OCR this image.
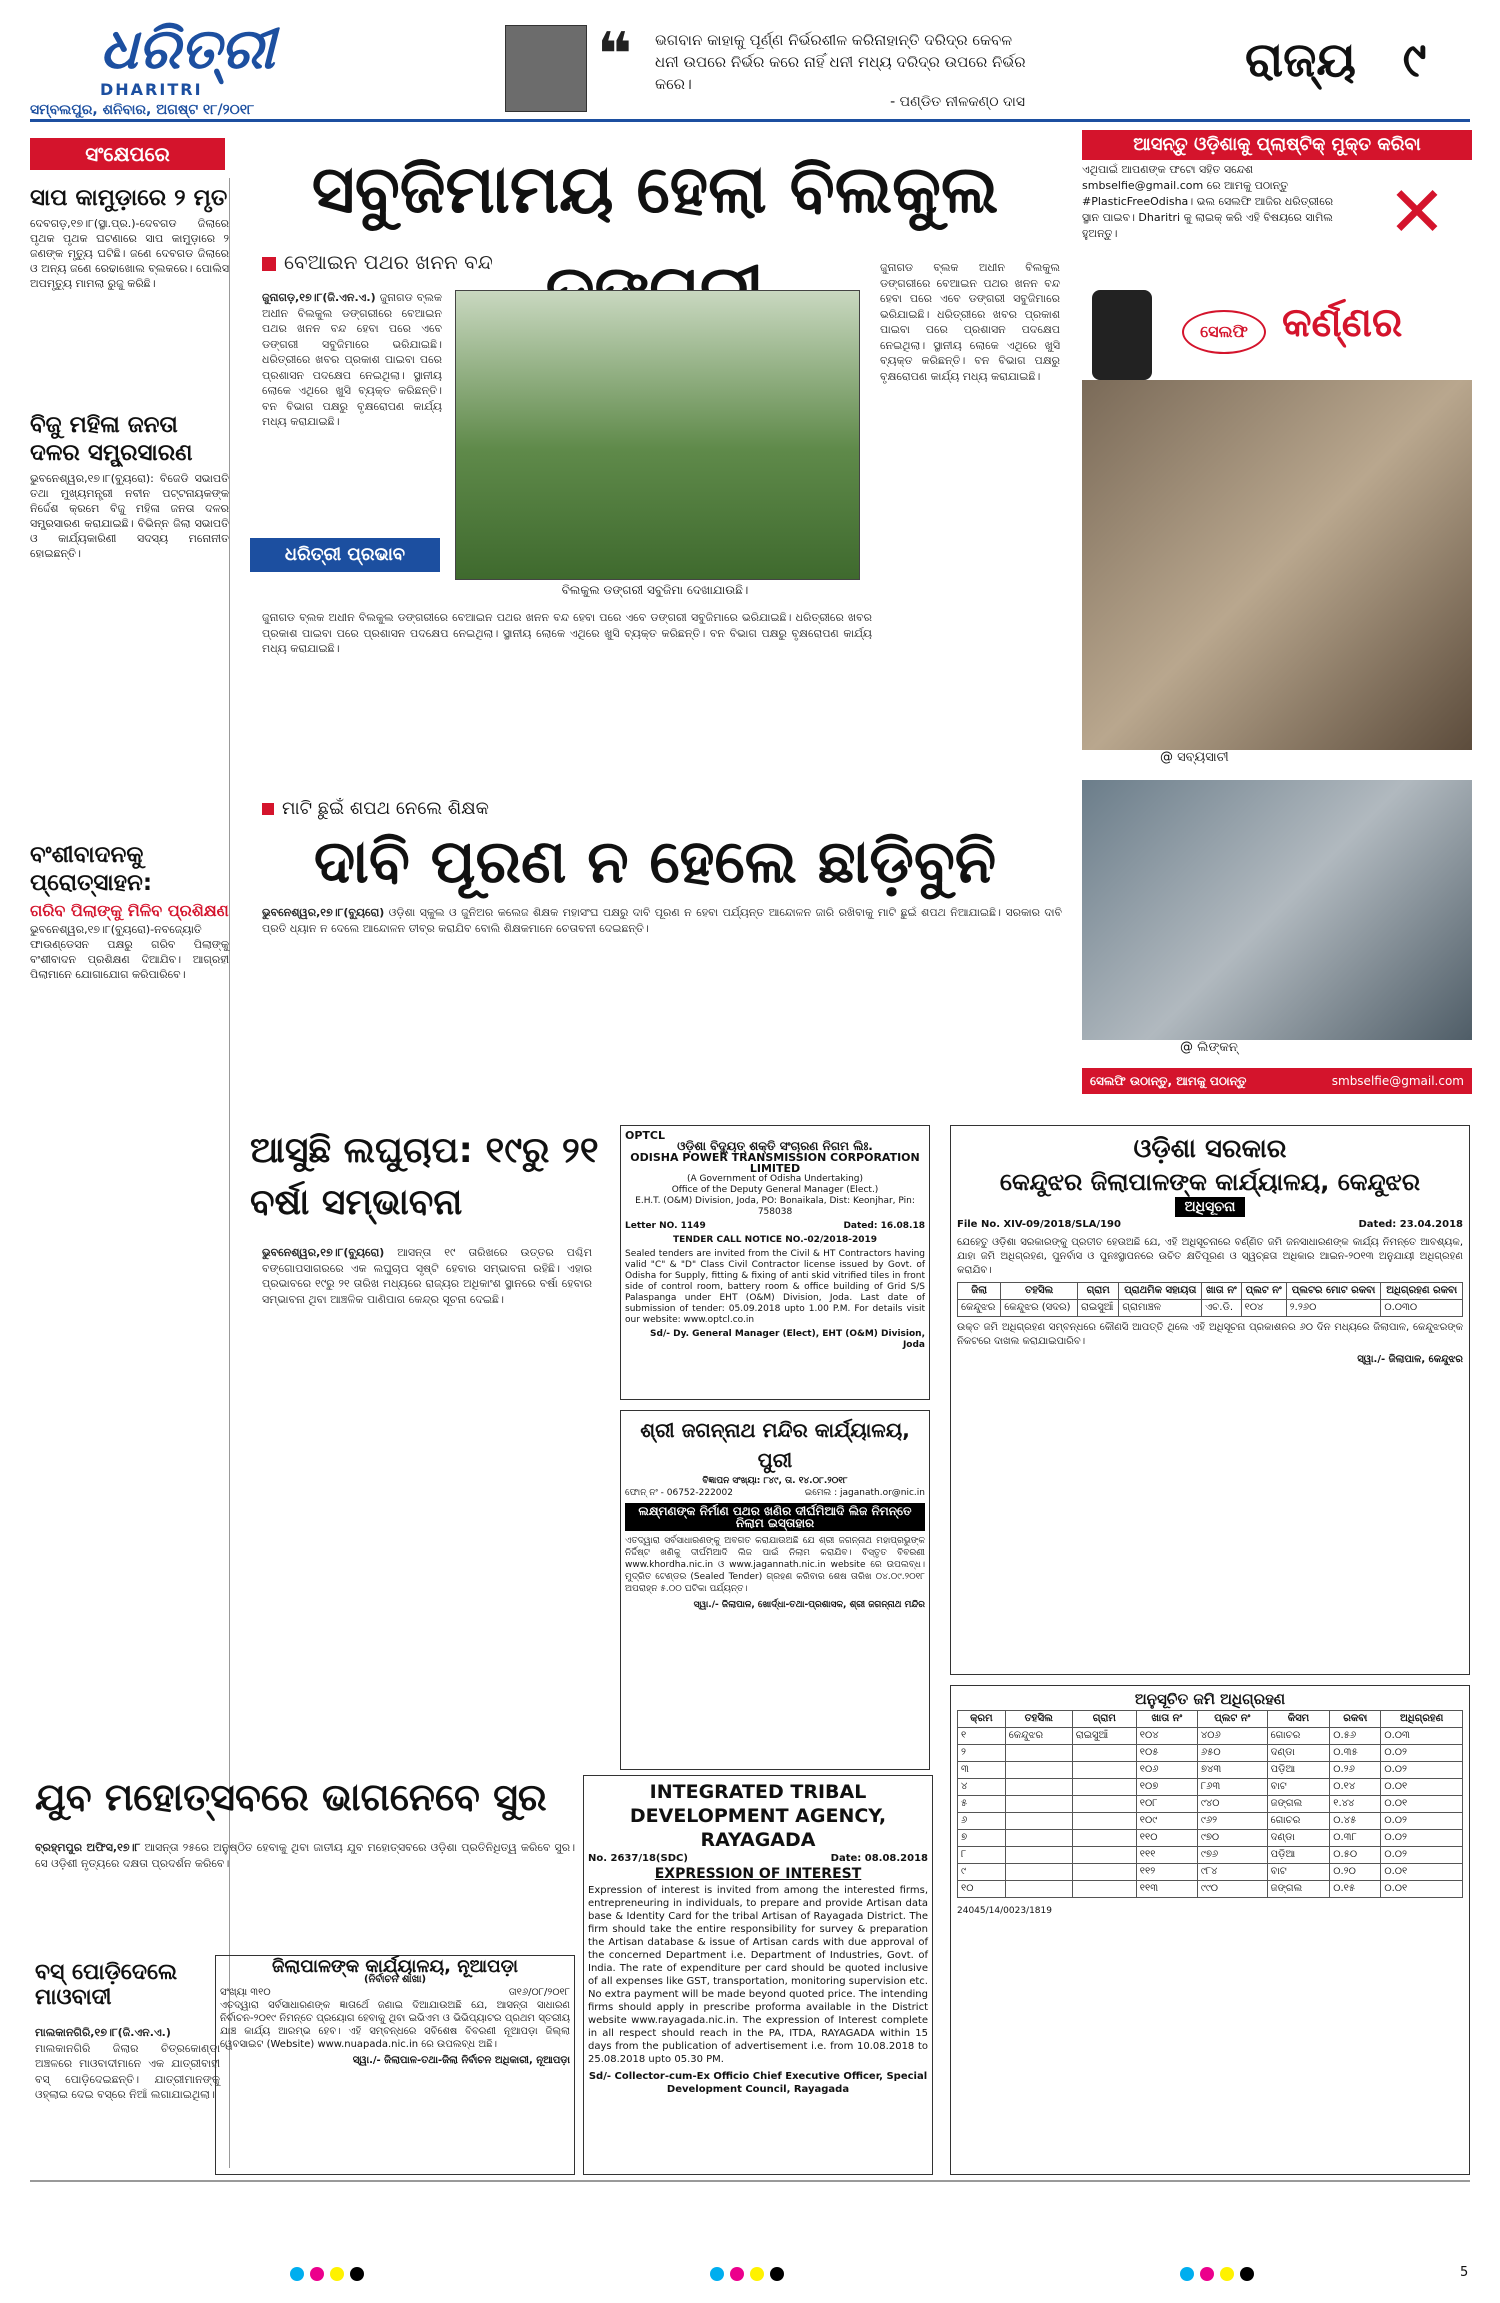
ଧରିତ୍ରୀ
DHARITRI	❝ ଭଗବାନ କାହାକୁ ପୂର୍ଣ୍ଣ ନିର୍ଭରଶୀଳ କରିନାହାନ୍ତି ଦରିଦ୍ର କେବଳ ଧନୀ ଉପରେ ନିର୍ଭର କରେ ନାହିଁ ଧନୀ ମଧ୍ୟ ଦରିଦ୍ର ଉପରେ ନିର୍ଭର କରେ।
- ପଣ୍ଡିତ ନୀଳକଣ୍ଠ ଦାସ
ରାଜ୍ୟ ୯
ସମ୍ବଲପୁର, ଶନିବାର, ଅଗଷ୍ଟ ୧୮/୨୦୧୮
ସଂକ୍ଷେପରେ
ସାପ କାମୁଡ଼ାରେ ୨ ମୃତ
ଦେବଗଡ଼,୧୭।୮(ସ୍ଥା.ପ୍ର.)-ଦେବଗଡ ଜିଲାରେ ପୃଥକ ପୃଥକ ଘଟଣାରେ ସାପ କାମୁଡ଼ାରେ ୨ ଜଣଙ୍କ ମୃତ୍ୟୁ ଘଟିଛି। ଜଣେ ଦେବଗଡ ଜିଲାରେ ଓ ଅନ୍ୟ ଜଣେ ରେଢାଖୋଲ ବ୍ଲକରେ। ପୋଲିସ ଅପମୃତ୍ୟୁ ମାମଲା ରୁଜୁ କରିଛି।
ବିଜୁ ମହିଳା ଜନତା ଦଳର ସମ୍ପ୍ରସାରଣ
ଭୁବନେଶ୍ୱର,୧୭।୮(ବ୍ୟୁରୋ): ବିଜେଡି ସଭାପତି ତଥା ମୁଖ୍ୟମନ୍ତ୍ରୀ ନବୀନ ପଟ୍ଟନାୟକଙ୍କ ନିର୍ଦ୍ଦେଶ କ୍ରମେ ବିଜୁ ମହିଳା ଜନତା ଦଳର ସମ୍ପ୍ରସାରଣ କରାଯାଇଛି। ବିଭିନ୍ନ ଜିଲା ସଭାପତି ଓ କାର୍ଯ୍ୟକାରିଣୀ ସଦସ୍ୟ ମନୋନୀତ ହୋଇଛନ୍ତି।
ବଂଶୀବାଦନକୁ ପ୍ରୋତ୍ସାହନ:
ଗରିବ ପିଲାଙ୍କୁ ମିଳିବ ପ୍ରଶିକ୍ଷଣ
ଭୁବନେଶ୍ୱର,୧୭।୮(ବ୍ୟୁରୋ)-ନବଜ୍ୟୋତି ଫାଉଣ୍ଡେସନ ପକ୍ଷରୁ ଗରିବ ପିଲାଙ୍କୁ ବଂଶୀବାଦନ ପ୍ରଶିକ୍ଷଣ ଦିଆଯିବ। ଆଗ୍ରହୀ ପିଲାମାନେ ଯୋଗାଯୋଗ କରିପାରିବେ।
ସବୁଜିମାମୟ ହେଲା ବିଲକୁଲ
ବେଆଇନ ପଥର ଖନନ ବନ୍ଦ
ଜୁନାଗଡ଼,୧୭।୮(ଜି.ଏନ.ଏ.) ଜୁନାଗଡ ବ୍ଲକ ଅଧୀନ ବିଲକୁଲ ଡଙ୍ଗରୀରେ ବେଆଇନ ପଥର ଖନନ ବନ୍ଦ ହେବା ପରେ ଏବେ ଡଙ୍ଗରୀ ସବୁଜିମାରେ ଭରିଯାଇଛି। ଧରିତ୍ରୀରେ ଖବର ପ୍ରକାଶ ପାଇବା ପରେ ପ୍ରଶାସନ ପଦକ୍ଷେପ ନେଇଥିଲା। ସ୍ଥାନୀୟ ଲୋକେ ଏଥିରେ ଖୁସି ବ୍ୟକ୍ତ କରିଛନ୍ତି। ବନ ବିଭାଗ ପକ୍ଷରୁ ବୃକ୍ଷରୋପଣ କାର୍ଯ୍ୟ ମଧ୍ୟ କରାଯାଇଛି।
ଧରିତ୍ରୀ ପ୍ରଭାବ
ବିଲକୁଲ ଡଙ୍ଗରୀ ସବୁଜିମା ଦେଖାଯାଉଛି।
ଜୁନାଗଡ ବ୍ଲକ ଅଧୀନ ବିଲକୁଲ ଡଙ୍ଗରୀରେ ବେଆଇନ ପଥର ଖନନ ବନ୍ଦ ହେବା ପରେ ଏବେ ଡଙ୍ଗରୀ ସବୁଜିମାରେ ଭରିଯାଇଛି। ଧରିତ୍ରୀରେ ଖବର ପ୍ରକାଶ ପାଇବା ପରେ ପ୍ରଶାସନ ପଦକ୍ଷେପ ନେଇଥିଲା। ସ୍ଥାନୀୟ ଲୋକେ ଏଥିରେ ଖୁସି ବ୍ୟକ୍ତ କରିଛନ୍ତି। ବନ ବିଭାଗ ପକ୍ଷରୁ ବୃକ୍ଷରୋପଣ କାର୍ଯ୍ୟ ମଧ୍ୟ କରାଯାଇଛି।
ଜୁନାଗଡ ବ୍ଲକ ଅଧୀନ ବିଲକୁଲ ଡଙ୍ଗରୀରେ ବେଆଇନ ପଥର ଖନନ ବନ୍ଦ ହେବା ପରେ ଏବେ ଡଙ୍ଗରୀ ସବୁଜିମାରେ ଭରିଯାଇଛି। ଧରିତ୍ରୀରେ ଖବର ପ୍ରକାଶ ପାଇବା ପରେ ପ୍ରଶାସନ ପଦକ୍ଷେପ ନେଇଥିଲା। ସ୍ଥାନୀୟ ଲୋକେ ଏଥିରେ ଖୁସି ବ୍ୟକ୍ତ କରିଛନ୍ତି। ବନ ବିଭାଗ ପକ୍ଷରୁ ବୃକ୍ଷରୋପଣ କାର୍ଯ୍ୟ ମଧ୍ୟ କରାଯାଇଛି।
ମାଟି ଛୁଇଁ ଶପଥ ନେଲେ ଶିକ୍ଷକ
ଦାବି ପୂରଣ ନ ହେଲେ ଛାଡ଼ିବୁନି
ଭୁବନେଶ୍ୱର,୧୭।୮(ବ୍ୟୁରୋ) ଓଡ଼ିଶା ସ୍କୁଲ ଓ ଜୁନିଅର କଲେଜ ଶିକ୍ଷକ ମହାସଂଘ ପକ୍ଷରୁ ଦାବି ପୂରଣ ନ ହେବା ପର୍ଯ୍ୟନ୍ତ ଆନ୍ଦୋଳନ ଜାରି ରଖିବାକୁ ମାଟି ଛୁଇଁ ଶପଥ ନିଆଯାଇଛି। ସରକାର ଦାବି ପ୍ରତି ଧ୍ୟାନ ନ ଦେଲେ ଆନ୍ଦୋଳନ ତୀବ୍ର କରାଯିବ ବୋଲି ଶିକ୍ଷକମାନେ ଚେତାବନୀ ଦେଇଛନ୍ତି।
ଆସୁଛି ଲଘୁଚାପ: ୧୯ରୁ ୨୧ ବର୍ଷା ସମ୍ଭାବନା
ଭୁବନେଶ୍ୱର,୧୭।୮(ବ୍ୟୁରୋ) ଆସନ୍ତା ୧୯ ତାରିଖରେ ଉତ୍ତର ପଶ୍ଚିମ ବଙ୍ଗୋପସାଗରରେ ଏକ ଲଘୁଚାପ ସୃଷ୍ଟି ହେବାର ସମ୍ଭାବନା ରହିଛି। ଏହାର ପ୍ରଭାବରେ ୧୯ରୁ ୨୧ ତାରିଖ ମଧ୍ୟରେ ରାଜ୍ୟର ଅଧିକାଂଶ ସ୍ଥାନରେ ବର୍ଷା ହେବାର ସମ୍ଭାବନା ଥିବା ଆଞ୍ଚଳିକ ପାଣିପାଗ କେନ୍ଦ୍ର ସୂଚନା ଦେଇଛି।
ଯୁବ ମହୋତ୍ସବରେ ଭାଗନେବେ ସୁର
ବ୍ରହ୍ମପୁର ଅଫିସ,୧୭।୮ ଆସନ୍ତା ୨୫ରେ ଅନୁଷ୍ଠିତ ହେବାକୁ ଥିବା ଜାତୀୟ ଯୁବ ମହୋତ୍ସବରେ ଓଡ଼ିଶା ପ୍ରତିନିଧିତ୍ୱ କରିବେ ସୁର। ସେ ଓଡ଼ିଶୀ ନୃତ୍ୟରେ ଦକ୍ଷତା ପ୍ରଦର୍ଶନ କରିବେ।
ବସ୍ ପୋଡ଼ିଦେଲେ ମାଓବାଦୀ
ମାଲକାନଗିରି,୧୭।୮(ଜି.ଏନ.ଏ.) ମାଲକାନଗିରି ଜିଲାର ଚିତ୍ରକୋଣ୍ଡା ଅଞ୍ଚଳରେ ମାଓବାଦୀମାନେ ଏକ ଯାତ୍ରୀବାହୀ ବସ୍ ପୋଡ଼ିଦେଇଛନ୍ତି। ଯାତ୍ରୀମାନଙ୍କୁ ଓହ୍ଲାଇ ଦେଇ ବସ୍‌ରେ ନିଆଁ ଲଗାଯାଇଥିଲା।
OPTCL
ଓଡ଼ିଶା ବିଦ୍ୟୁତ୍ ଶକ୍ତି ସଂଚାରଣ ନିଗମ ଲିଃ.
ODISHA POWER TRANSMISSION CORPORATION LIMITED
(A Government of Odisha Undertaking)
Office of the Deputy General Manager (Elect.)
E.H.T. (O&M) Division, Joda, PO: Bonaikala, Dist: Keonjhar, Pin: 758038
Letter NO. 1149	Dated: 16.08.18
TENDER CALL NOTICE NO.-02/2018-2019
Sealed tenders are invited from the Civil & HT Contractors having valid "C" & "D" Class Civil Contractor license issued by Govt. of Odisha for Supply, fitting & fixing of anti skid vitrified tiles in front side of control room, battery room & office building of Grid S/S Palaspanga under EHT (O&M) Division, Joda. Last date of submission of tender: 05.09.2018 upto 1.00 P.M. For details visit our website: www.optcl.co.in
Sd/- Dy. General Manager (Elect), EHT (O&M) Division, Joda
ଶ୍ରୀ ଜଗନ୍ନାଥ ମନ୍ଦିର କାର୍ଯ୍ୟାଳୟ, ପୁରୀ
ବିଜ୍ଞାପନ ସଂଖ୍ୟା: ୮୪୯, ତା. ୧୪.୦୮.୨୦୧୮
ଫୋନ୍ ନଂ - 06752-222002	ଇମେଲ : jaganath.or@nic.in
ଲକ୍ଷ୍ମଣଙ୍କ ନିର୍ମାଣ ପଥର ଖଣିର ଦୀର୍ଘମିଆଦି ଲିଜ ନିମନ୍ତେ ନିଲାମ ଇସ୍ତାହାର
ଏତଦ୍ୱାରା ସର୍ବସାଧାରଣଙ୍କୁ ଅବଗତ କରାଯାଉଅଛି ଯେ ଶ୍ରୀ ଜଗନ୍ନାଥ ମହାପ୍ରଭୁଙ୍କ ନିର୍ଦ୍ଦିଷ୍ଟ ଖଣିକୁ ଦୀର୍ଘମିଆଦି ଲିଜ ପାଇଁ ନିଲାମ କରାଯିବ। ବିସ୍ତୃତ ବିବରଣୀ www.khordha.nic.in ଓ www.jagannath.nic.in website ରେ ଉପଲବ୍ଧ। ମୁଦ୍ରିତ ଟେଣ୍ଡର (Sealed Tender) ଗ୍ରହଣ କରିବାର ଶେଷ ତାରିଖ ୦୪.୦୯.୨୦୧୮ ଅପରାହ୍ନ ୫.୦୦ ଘଟିକା ପର୍ଯ୍ୟନ୍ତ।
ସ୍ୱା./- ଜିଲାପାଳ, ଖୋର୍ଦ୍ଧା-ତଥା-ପ୍ରଶାସକ, ଶ୍ରୀ ଜଗନ୍ନାଥ ମନ୍ଦିର
INTEGRATED TRIBAL DEVELOPMENT AGENCY, RAYAGADA
No. 2637/18(SDC)	Date: 08.08.2018
EXPRESSION OF INTEREST
Expression of interest is invited from among the interested firms, entrepreneuring in individuals, to prepare and provide Artisan data base & Identity Card for the tribal Artisan of Rayagada District. The firm should take the entire responsibility for survey & preparation the Artisan database & issue of Artisan cards with due approval of the concerned Department i.e. Department of Industries, Govt. of India. The rate of expenditure per card should be quoted inclusive of all expenses like GST, transportation, monitoring supervision etc. No extra payment will be made beyond quoted price. The intending firms should apply in prescribe proforma available in the District website www.rayagada.nic.in. The expression of Interest complete in all respect should reach in the PA, ITDA, RAYAGADA within 15 days from the publication of advertisement i.e. from 10.08.2018 to 25.08.2018 upto 05.30 PM.
Sd/- Collector-cum-Ex Officio Chief Executive Officer, Special Development Council, Rayagada
ଜିଲାପାଳଙ୍କ କାର୍ଯ୍ୟାଳୟ, ନୂଆପଡ଼ା
(ନିର୍ବାଚନ ଶାଖା)
ସଂଖ୍ୟା ୩୧୦	ତା୧୬/୦୮/୨୦୧୮
ଏତଦ୍ୱାରା ସର୍ବସାଧାରଣଙ୍କ ଜ୍ଞାତାର୍ଥେ ଜଣାଇ ଦିଆଯାଉଅଛି ଯେ, ଆସନ୍ତା ସାଧାରଣ ନିର୍ବାଚନ-୨୦୧୯ ନିମନ୍ତେ ପ୍ରୟୋଗ ହେବାକୁ ଥିବା ଇଭିଏମ ଓ ଭିଭିପ୍ୟାଟର ପ୍ରଥମ ସ୍ତରୀୟ ଯାଞ୍ଚ କାର୍ଯ୍ୟ ଆରମ୍ଭ ହେବ। ଏହି ସମ୍ବନ୍ଧରେ ସବିଶେଷ ବିବରଣୀ ନୂଆପଡ଼ା ଜିଲ୍ଲା ୱେବସାଇଟ (Website) www.nuapada.nic.in ରେ ଉପଲବ୍ଧ ଅଛି।
ସ୍ୱା./- ଜିଲାପାଳ-ତଥା-ଜିଲା ନିର୍ବାଚନ ଅଧିକାରୀ, ନୂଆପଡ଼ା
ଓଡ଼ିଶା ସରକାର
କେନ୍ଦୁଝର ଜିଲାପାଳଙ୍କ କାର୍ଯ୍ୟାଳୟ, କେନ୍ଦୁଝର
ଅଧିସୂଚନା
File No. XIV-09/2018/SLA/190	Dated: 23.04.2018
ଯେହେତୁ ଓଡ଼ିଶା ସରକାରଙ୍କୁ ପ୍ରତୀତ ହେଉଅଛି ଯେ, ଏହି ଅଧିସୂଚନାରେ ବର୍ଣ୍ଣିତ ଜମି ଜନସାଧାରଣଙ୍କ କାର୍ଯ୍ୟ ନିମନ୍ତେ ଆବଶ୍ୟକ, ଯାହା ଜମି ଅଧିଗ୍ରହଣ, ପୁନର୍ବାସ ଓ ପୁନଃସ୍ଥାପନରେ ଉଚିତ କ୍ଷତିପୂରଣ ଓ ସ୍ୱଚ୍ଛତା ଅଧିକାର ଆଇନ-୨୦୧୩ ଅନୁଯାୟୀ ଅଧିଗ୍ରହଣ କରାଯିବ।
ଜିଲା	ତହସିଲ	ଗ୍ରାମ	ପ୍ରାଥମିକ ସହାୟତା	ଖାତା ନଂ	ପ୍ଲଟ ନଂ	ପ୍ଲଟର ମୋଟ ରକବା	ଅଧିଗ୍ରହଣ ରକବା
କେନ୍ଦୁଝର	କେନ୍ଦୁଝର (ସଦର)	ରାଇସୁଆଁ	ଗ୍ରାମାଞ୍ଚଳ	ଏଚ.ଡି.	୧୦୪	୨.୨୬୦	୦.୦୩୦
ଉକ୍ତ ଜମି ଅଧିଗ୍ରହଣ ସମ୍ବନ୍ଧରେ କୌଣସି ଆପତ୍ତି ଥିଲେ ଏହି ଅଧିସୂଚନା ପ୍ରକାଶନର ୬୦ ଦିନ ମଧ୍ୟରେ ଜିଲାପାଳ, କେନ୍ଦୁଝରଙ୍କ ନିକଟରେ ଦାଖଲ କରାଯାଇପାରିବ।
ସ୍ୱା./- ଜିଲାପାଳ, କେନ୍ଦୁଝର
ଅନୁସୂଚିତ ଜମି ଅଧିଗ୍ରହଣ
କ୍ରମ	ତହସିଲ	ଗ୍ରାମ	ଖାତା ନଂ	ପ୍ଲଟ ନଂ	କିସମ	ରକବା	ଅଧିଗ୍ରହଣ
୧	କେନ୍ଦୁଝର	ରାଇସୁଆଁ	୧୦୪	୪୦୬	ଗୋଚର	୦.୫୬	୦.୦୩
୨			୧୦୫	୬୫୦	ଦଣ୍ଡା	୦.୩୫	୦.୦୨
୩			୧୦୬	୭୪୩	ପଡ଼ିଆ	୦.୨୬	୦.୦୨
୪			୧୦୭	୮୬୩	ବାଟ	୦.୧୪	୦.୦୧
୫			୧୦୮	୯୪୦	ଜଙ୍ଗଲ	୧.୪୪	୦.୦୧
୬			୧୦୯	୯୬୨	ଗୋଚର	୦.୪୫	୦.୦୨
୭			୧୧୦	୯୭୦	ଦଣ୍ଡା	୦.୩୮	୦.୦୨
୮			୧୧୧	୯୭୬	ପଡ଼ିଆ	୦.୫୦	୦.୦୨
୯			୧୧୨	୯୮୪	ବାଟ	୦.୨୦	୦.୦୧
୧୦			୧୧୩	୯୯୦	ଜଙ୍ଗଲ	୦.୧୫	୦.୦୧
24045/14/0023/1819
ଆସନ୍ତୁ ଓଡ଼ିଶାକୁ ପ୍ଲାଷ୍ଟିକ୍ ମୁକ୍ତ କରିବା
ଏଥିପାଇଁ ଆପଣଙ୍କ ଫଟୋ ସହିତ ସନ୍ଦେଶ smbselfie@gmail.com ରେ ଆମକୁ ପଠାନ୍ତୁ #PlasticFreeOdisha। ଭଲ ସେଲଫି ଆଜିର ଧରିତ୍ରୀରେ ସ୍ଥାନ ପାଇବ। Dharitri କୁ ଲାଇକ୍ କରି ଏହି ବିଷୟରେ ସାମିଲ ହୁଅନ୍ତୁ।	✕
ସେଲଫି କର୍ଣ୍ଣର
@ ସବ୍ୟସାଚୀ
@ ଲିଙ୍କନ୍
ସେଲଫି ଉଠାନ୍ତୁ, ଆମକୁ ପଠାନ୍ତୁ	smbselfie@gmail.com
5
